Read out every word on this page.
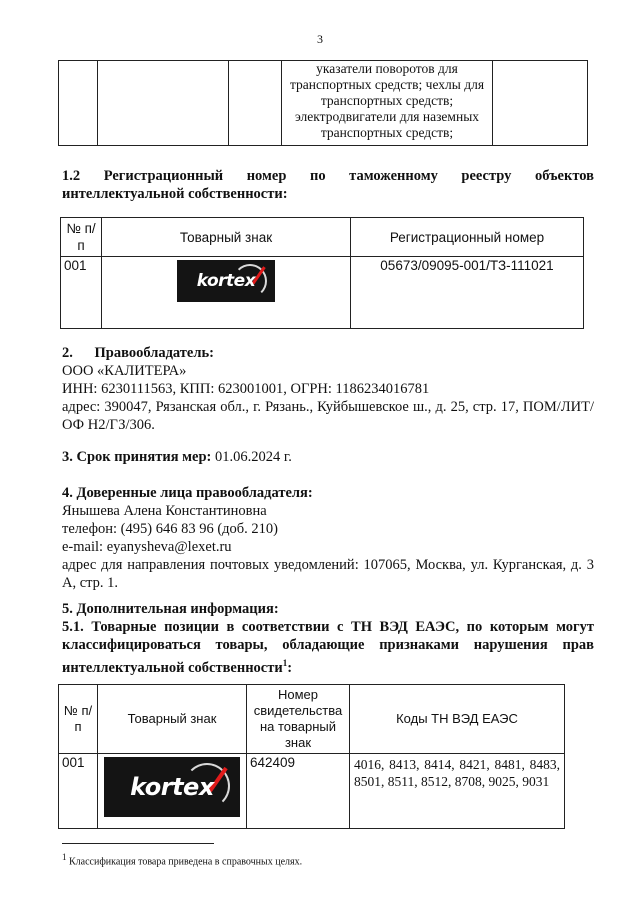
3
			указатели поворотов для транспортных средств; чехлы для транспортных средств; электродвигатели для наземных транспортных средств;	
1.2 Регистрационный номер по таможенному реестру объектов интеллектуальной собственности:
№ п/п	Товарный знак	Регистрационный номер
001	kortex	05673/09095-001/ТЗ-111021
2. Правообладатель:
ООО «КАЛИТЕРА»
ИНН: 6230111563, КПП: 623001001, ОГРН: 1186234016781
адрес: 390047, Рязанская обл., г. Рязань., Куйбышевское ш., д. 25, стр. 17, ПОМ/ЛИТ/ОФ Н2/ГЗ/306.
3. Срок принятия мер: 01.06.2024 г.
4. Доверенные лица правообладателя:
Янышева Алена Константиновна
телефон: (495) 646 83 96 (доб. 210)
e-mail: eyanysheva@lexet.ru
адрес для направления почтовых уведомлений: 107065, Москва, ул. Курганская, д. 3 А, стр. 1.
5. Дополнительная информация:
5.1. Товарные позиции в соответствии с ТН ВЭД ЕАЭС, по которым могут классифицироваться товары, обладающие признаками нарушения прав интеллектуальной собственности$^1$:
№ п/п	Товарный знак	Номер свидетельства на товарный знак	Коды ТН ВЭД ЕАЭС
001	kortex	642409	4016, 8413, 8414, 8421, 8481, 8483, 8501, 8511, 8512, 8708, 9025, 9031
$^1$ Классификация товара приведена в справочных целях.
